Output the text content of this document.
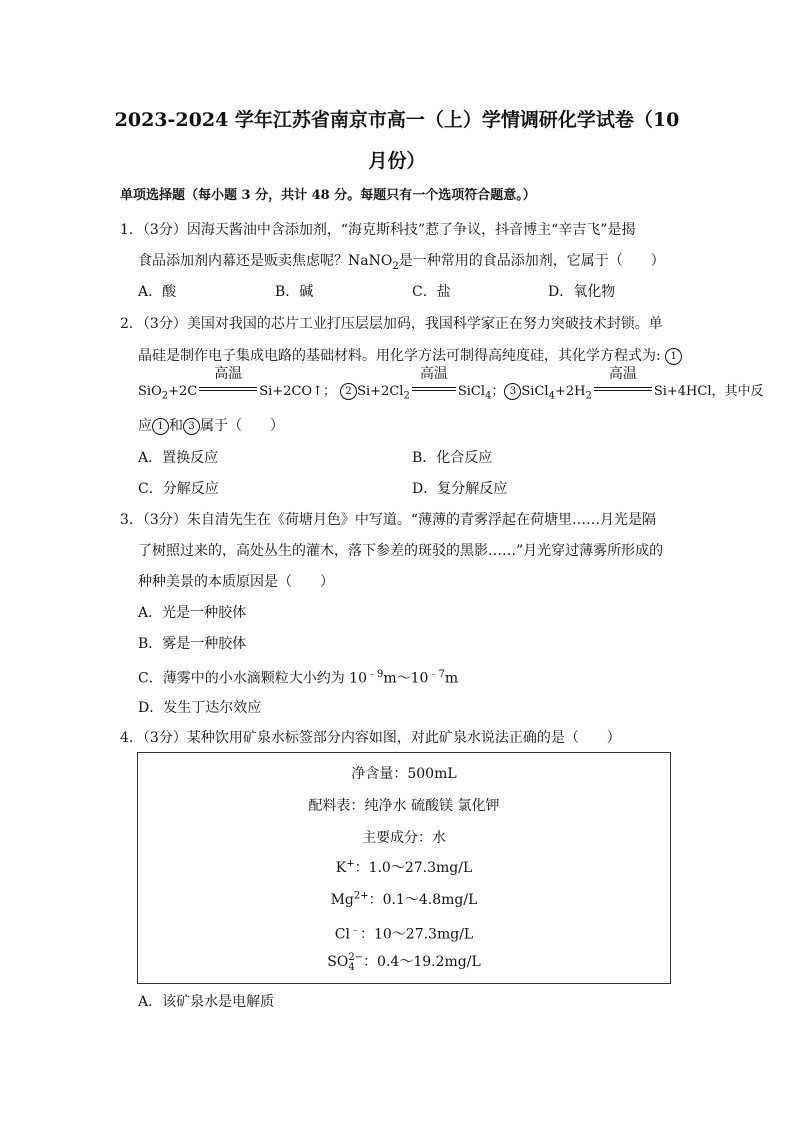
2023-2024 学年江苏省南京市高一（上）学情调研化学试卷（10
月份）
单项选择题（每小题 3 分，共计 48 分。每题只有一个选项符合题意。）
1．（3分）因海天酱油中含添加剂，“海克斯科技”惹了争议，抖音博主“辛吉飞”是揭
食品添加剂内幕还是贩卖焦虑呢？NaNO$_2$是一种常用的食品添加剂，它属于（　　）
A．酸	B．碱	C．盐	D．氧化物
2．（3分）美国对我国的芯片工业打压层层加码，我国科学家正在努力突破技术封锁。单
晶硅是制作电子集成电路的基础材料。用化学方法可制得高纯度硅，其化学方程式为: 1
SiO$_2$+2C
高温
Si+2CO↑； 2 $Si+2Cl_2$
高温
SiCl$_4$； 3 $SiCl_4+2H_2$
高温
Si+4HCl，其中反
应 1 和 3 属于（　　）
A．置换反应	B．化合反应
C．分解反应	D．复分解反应
3．（3分）朱自清先生在《荷塘月色》中写道。“薄薄的青雾浮起在荷塘里……月光是隔
了树照过来的，高处丛生的灌木，落下参差的斑驳的黑影……”月光穿过薄雾所形成的
种种美景的本质原因是（　　）
A．光是一种胶体
B．雾是一种胶体
C．薄雾中的小水滴颗粒大小约为 $10^{﹣9}m\sim 10^{﹣7}m$
D．发生丁达尔效应
4．（3分）某种饮用矿泉水标签部分内容如图，对此矿泉水说法正确的是（　　）
净含量：500mL
配料表：纯净水 硫酸镁 氯化钾
主要成分：水
K+：1.0～27.3mg/L
$Mg^{2+}$：0.1～4.8mg/L
Cl﹣：10～27.3mg/L
SO 2−
4 ：0.4～19.2mg/L
A．该矿泉水是电解质
